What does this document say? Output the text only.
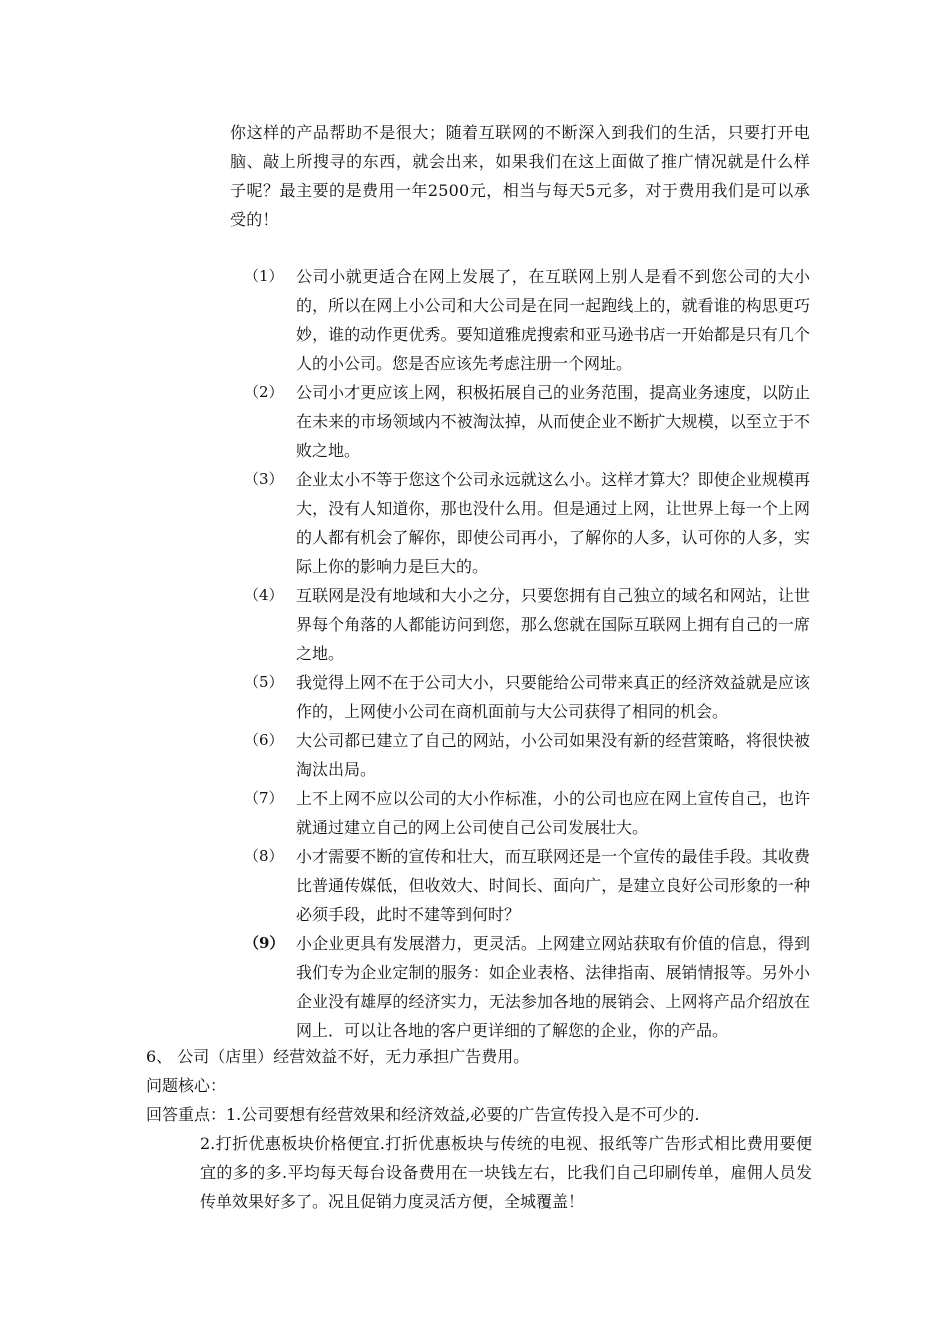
你这样的产品帮助不是很大；随着互联网的不断深入到我们的生活，只要打开电脑、敲上所搜寻的东西，就会出来，如果我们在这上面做了推广情况就是什么样子呢？最主要的是费用一年2500元，相当与每天5元多，对于费用我们是可以承受的！
（1） 公司小就更适合在网上发展了，在互联网上别人是看不到您公司的大小的，所以在网上小公司和大公司是在同一起跑线上的，就看谁的构思更巧妙，谁的动作更优秀。要知道雅虎搜索和亚马逊书店一开始都是只有几个人的小公司。您是否应该先考虑注册一个网址。
（2） 公司小才更应该上网，积极拓展自己的业务范围，提高业务速度，以防止在未来的市场领域内不被淘汰掉，从而使企业不断扩大规模，以至立于不败之地。
（3） 企业太小不等于您这个公司永远就这么小。这样才算大？即使企业规模再大，没有人知道你，那也没什么用。但是通过上网，让世界上每一个上网的人都有机会了解你，即使公司再小，了解你的人多，认可你的人多，实际上你的影响力是巨大的。
（4） 互联网是没有地域和大小之分，只要您拥有自己独立的域名和网站，让世界每个角落的人都能访问到您，那么您就在国际互联网上拥有自己的一席之地。
（5） 我觉得上网不在于公司大小，只要能给公司带来真正的经济效益就是应该作的，上网使小公司在商机面前与大公司获得了相同的机会。
（6） 大公司都已建立了自己的网站，小公司如果没有新的经营策略，将很快被淘汰出局。
（7） 上不上网不应以公司的大小作标准，小的公司也应在网上宣传自己，也许就通过建立自己的网上公司使自己公司发展壮大。
（8） 小才需要不断的宣传和壮大，而互联网还是一个宣传的最佳手段。其收费比普通传媒低，但收效大、时间长、面向广，是建立良好公司形象的一种必须手段，此时不建等到何时？
（9） 小企业更具有发展潜力，更灵活。上网建立网站获取有价值的信息，得到我们专为企业定制的服务：如企业表格、法律指南、展销情报等。另外小企业没有雄厚的经济实力，无法参加各地的展销会、上网将产品介绍放在网上．可以让各地的客户更详细的了解您的企业，你的产品。
6、 公司（店里）经营效益不好，无力承担广告费用。
问题核心：
回答重点：1.公司要想有经营效果和经济效益,必要的广告宣传投入是不可少的.
2.打折优惠板块价格便宜.打折优惠板块与传统的电视、报纸等广告形式相比费用要便宜的多的多.平均每天每台设备费用在一块钱左右，比我们自己印刷传单，雇佣人员发传单效果好多了。况且促销力度灵活方便，全城覆盖！
